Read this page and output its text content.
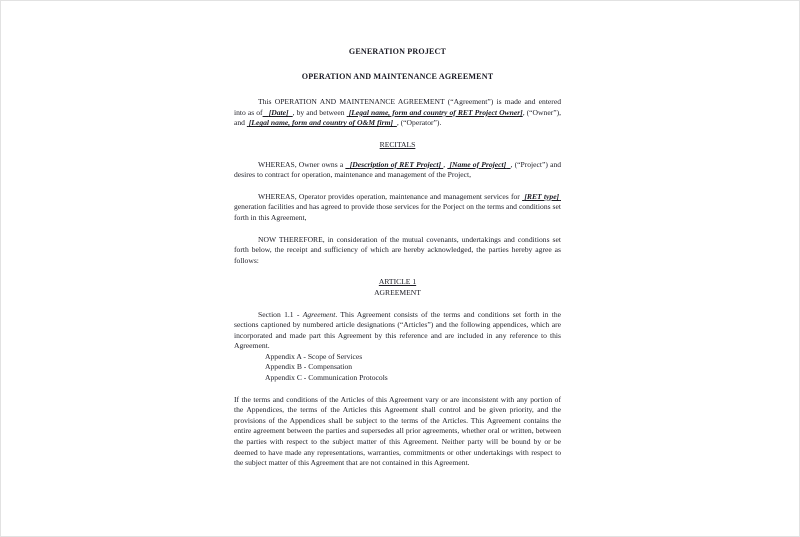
GENERATION PROJECT
OPERATION AND MAINTENANCE AGREEMENT

This OPERATION AND MAINTENANCE AGREEMENT (“Agreement”) is made and entered into as of [Date] , by and between [Legal name, form and country of RET Project Owner], (“Owner”), and [Legal name, form and country of O&M firm] , (“Operator”).

RECITALS

WHEREAS, Owner owns a [Description of RET Project] , [Name of Project] , (“Project”) and desires to contract for operation, maintenance and management of the Project,

WHEREAS, Operator provides operation, maintenance and management services for [RET type]  generation facilities and has agreed to provide those services for the Porject on the terms and conditions set forth in this Agreement,

NOW THEREFORE, in consideration of the mutual covenants, undertakings and conditions set forth below, the receipt and sufficiency of which are hereby acknowledged, the parties hereby agree as follows:

ARTICLE 1
AGREEMENT

Section 1.1 - Agreement. This Agreement consists of the terms and conditions set forth in the sections captioned by numbered article designations (“Articles”) and the following appendices, which are incorporated and made part this Agreement by this reference and are included in any reference to this Agreement.

Appendix A - Scope of Services
Appendix B - Compensation
Appendix C - Communication Protocols

If the terms and conditions of the Articles of this Agreement vary or are inconsistent with any portion of the Appendices, the terms of the Articles this Agreement shall control and be given priority, and the provisions of the Appendices shall be subject to the terms of the Articles. This Agreement contains the entire agreement between the parties and supersedes all prior agreements, whether oral or written, between the parties with respect to the subject matter of this Agreement. Neither party will be bound by or be deemed to have made any representations, warranties, commitments or other undertakings with respect to the subject matter of this Agreement that are not contained in this Agreement.
